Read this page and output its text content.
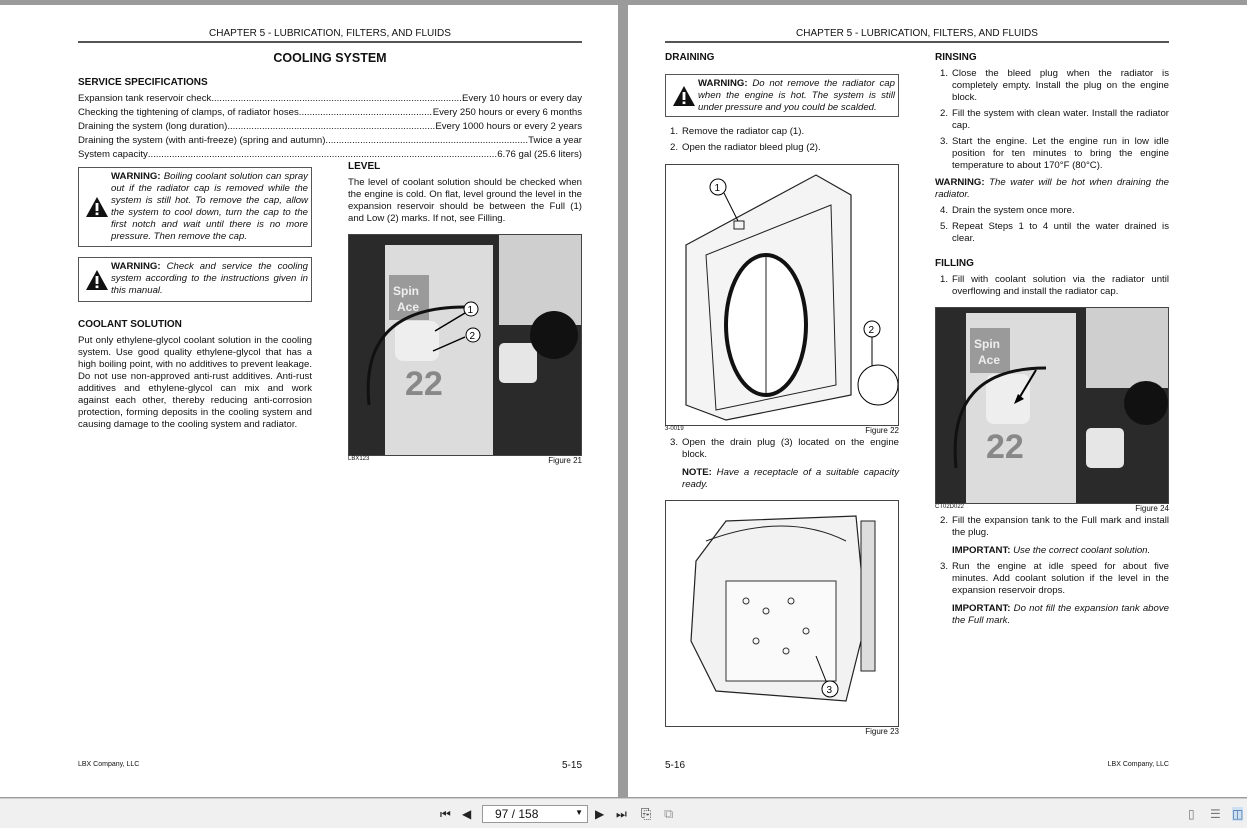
CHAPTER 5 - LUBRICATION, FILTERS, AND FLUIDS
COOLING SYSTEM
SERVICE SPECIFICATIONS
Expansion tank reservoir check .....	Every 10 hours or every day
Checking the tightening of clamps, of radiator hoses .....	Every 250 hours or every 6 months
Draining the system (long duration) .....	Every 1000 hours or every 2 years
Draining the system (with anti-freeze) (spring and autumn) .....	Twice a year
System capacity .....	6.76 gal (25.6 liters)
WARNING: Boiling coolant solution can spray out if the radiator cap is removed while the system is still hot. To remove the cap, allow the system to cool down, turn the cap to the first notch and wait until there is no more pressure. Then remove the cap.
WARNING: Check and service the cooling system according to the instructions given in this manual.
COOLANT SOLUTION
Put only ethylene-glycol coolant solution in the cooling system. Use good quality ethylene-glycol that has a high boiling point, with no additives to prevent leakage. Do not use non-approved anti-rust additives. Anti-rust additives and ethylene-glycol can mix and work against each other, thereby reducing anti-corrosion protection, forming deposits in the cooling system and causing damage to the cooling system and radiator.
LEVEL
The level of coolant solution should be checked when the engine is cold. On flat, level ground the level in the expansion reservoir should be between the Full (1) and Low (2) marks. If not, see Filling.
Spin
Ace
22
1
2
LBX123	Figure 21
LBX Company, LLC	5-15
CHAPTER 5 - LUBRICATION, FILTERS, AND FLUIDS
DRAINING
WARNING: Do not remove the radiator cap when the engine is hot. The system is still under pressure and you could be scalded.
1. Remove the radiator cap (1).
2. Open the radiator bleed plug (2).
1
2
3-0019	Figure 22
3. Open the drain plug (3) located on the engine block.
NOTE: Have a receptacle of a suitable capacity ready.
3
Figure 23
RINSING
1. Close the bleed plug when the radiator is completely empty. Install the plug on the engine block.
2. Fill the system with clean water. Install the radiator cap.
3. Start the engine. Let the engine run in low idle position for ten minutes to bring the engine temperature to about 170°F (80°C).
WARNING: The water will be hot when draining the radiator.
4. Drain the system once more.
5. Repeat Steps 1 to 4 until the water drained is clear.
FILLING
1. Fill with coolant solution via the radiator until overflowing and install the radiator cap.
Spin
Ace
22
CT02D022	Figure 24
2. Fill the expansion tank to the Full mark and install the plug.
IMPORTANT: Use the correct coolant solution.
3. Run the engine at idle speed for about five minutes. Add coolant solution if the level in the expansion reservoir drops.
IMPORTANT: Do not fill the expansion tank above the Full mark.
5-16	LBX Company, LLC
⏮ ◀	97 / 158	▼ ▶ ⏭ ⎘ ⧉	▯ ☰ ◫
